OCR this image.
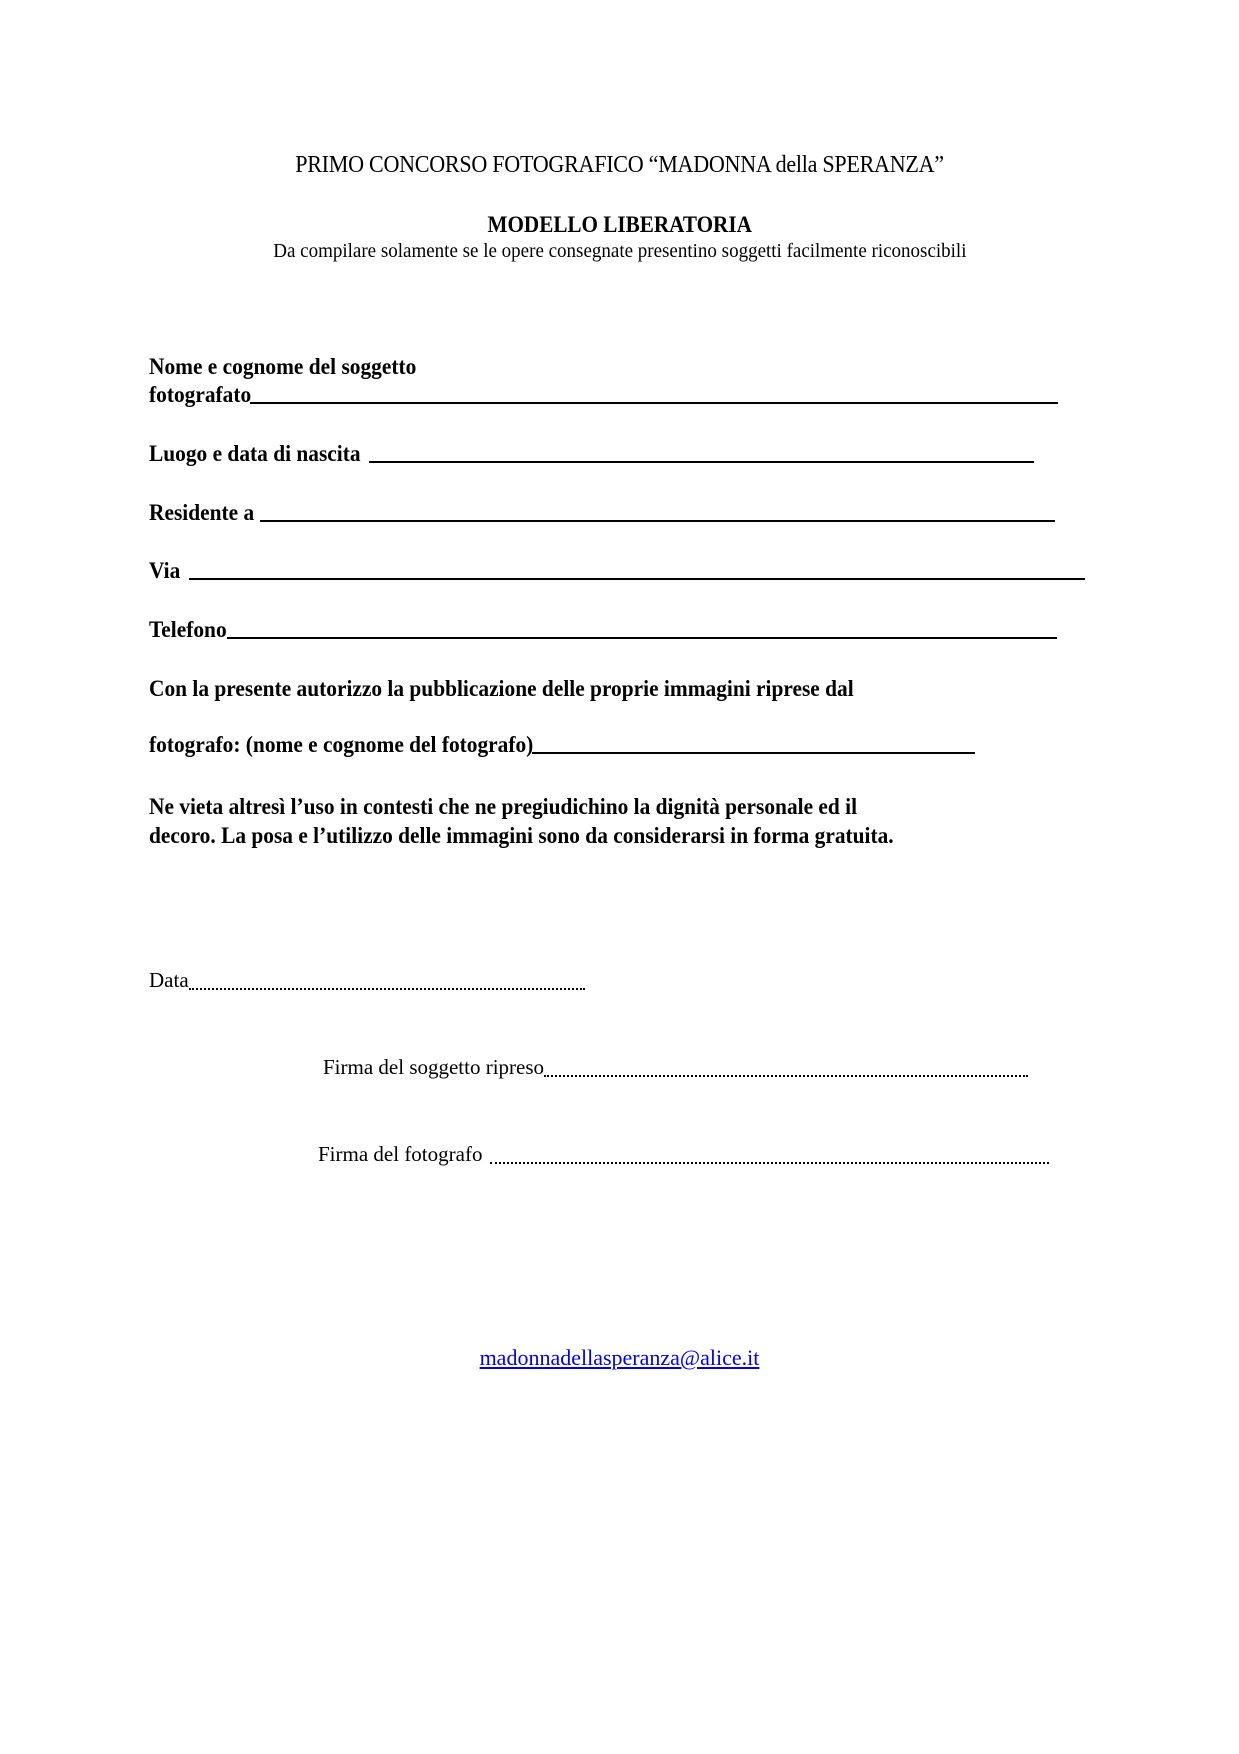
PRIMO CONCORSO FOTOGRAFICO “MADONNA della SPERANZA”
MODELLO LIBERATORIA
Da compilare solamente se le opere consegnate presentino soggetti facilmente riconoscibili
Nome e cognome del soggetto
fotografato
Luogo e data di nascita
Residente a
Via
Telefono
Con la presente autorizzo la pubblicazione delle proprie immagini riprese dal
fotografo: (nome e cognome del fotografo)
Ne vieta altresì l’uso in contesti che ne pregiudichino la dignità personale ed il
decoro. La posa e l’utilizzo delle immagini sono da considerarsi in forma gratuita.
Data
Firma del soggetto ripreso
Firma del fotografo
madonnadellasperanza@alice.it
